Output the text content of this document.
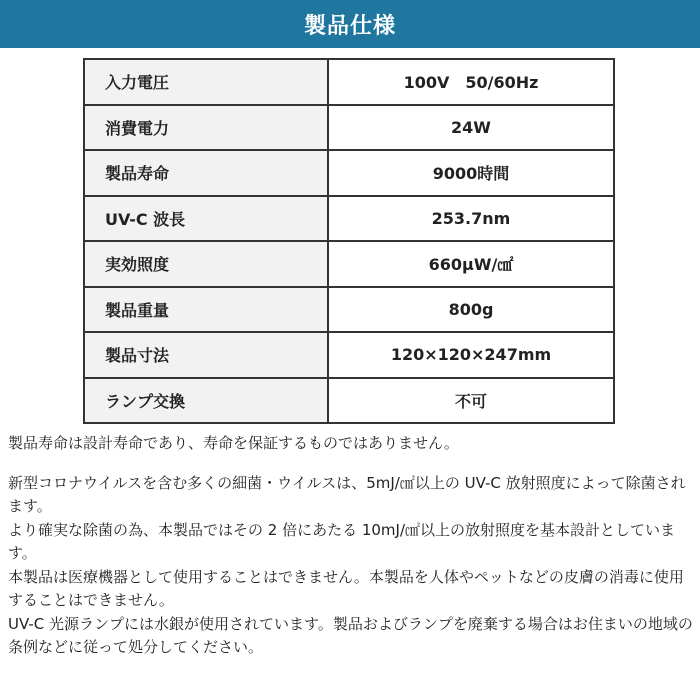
製品仕様
入力電圧	100V　50/60Hz
消費電力	24W
製品寿命	9000時間
UV-C 波長	253.7nm
実効照度	660μW/㎠
製品重量	800g
製品寸法	120×120×247mm
ランプ交換	不可

製品寿命は設計寿命であり、寿命を保証するものではありません。

新型コロナウイルスを含む多くの細菌・ウイルスは、5mJ/㎠以上の UV-C 放射照度によって除菌されます。

より確実な除菌の為、本製品ではその 2 倍にあたる 10mJ/㎠以上の放射照度を基本設計としています。

本製品は医療機器として使用することはできません。本製品を人体やペットなどの皮膚の消毒に使用することはできません。

UV-C 光源ランプには水銀が使用されています。製品およびランプを廃棄する場合はお住まいの地域の条例などに従って処分してください。
